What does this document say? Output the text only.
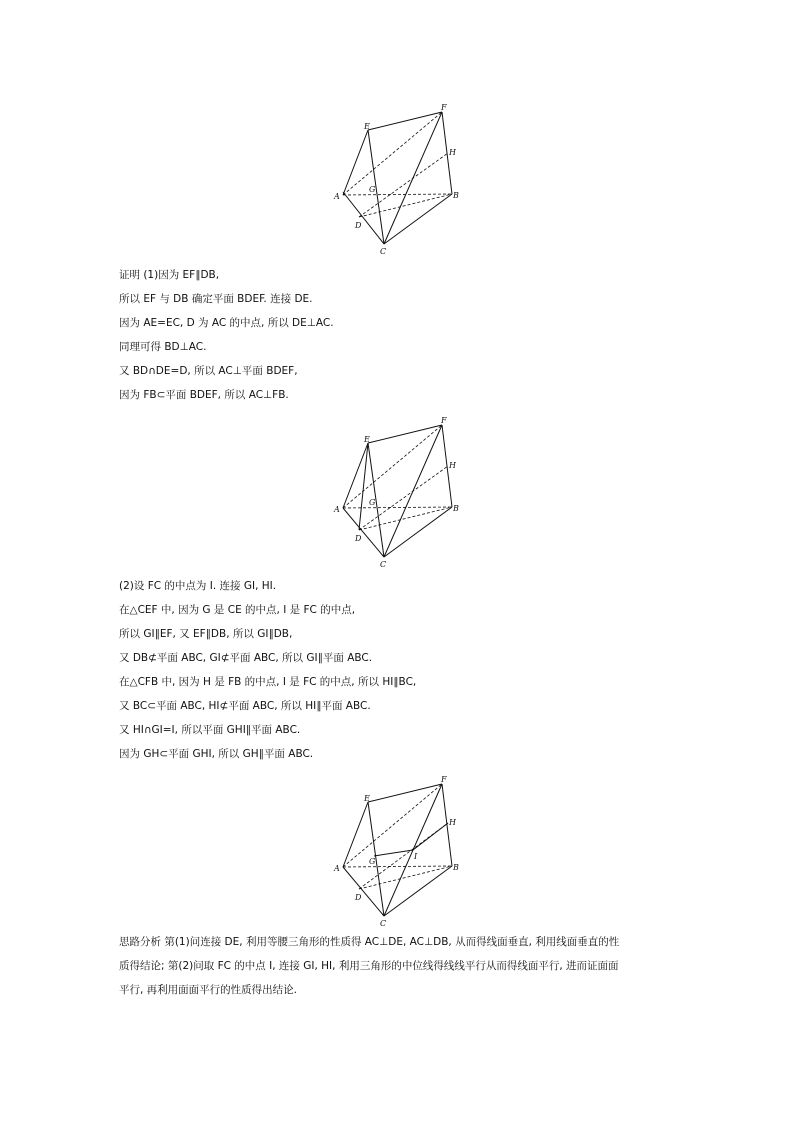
E
F
H
G
A	B
D
C
证明 (1)因为 EF∥DB,
所以 EF 与 DB 确定平面 BDEF. 连接 DE.
因为 AE=EC, D 为 AC 的中点, 所以 DE⊥AC.
同理可得 BD⊥AC.
又 BD∩DE=D, 所以 AC⊥平面 BDEF,
因为 FB⊂平面 BDEF, 所以 AC⊥FB.
E
F
H
G
A	B
D
C
(2)设 FC 的中点为 I. 连接 GI, HI.
在△CEF 中, 因为 G 是 CE 的中点, I 是 FC 的中点,
所以 GI∥EF, 又 EF∥DB, 所以 GI∥DB,
又 DB⊄平面 ABC, GI⊄平面 ABC, 所以 GI∥平面 ABC.
在△CFB 中, 因为 H 是 FB 的中点, I 是 FC 的中点, 所以 HI∥BC,
又 BC⊂平面 ABC, HI⊄平面 ABC, 所以 HI∥平面 ABC.
又 HI∩GI=I, 所以平面 GHI∥平面 ABC.
因为 GH⊂平面 GHI, 所以 GH∥平面 ABC.
E
F
H
G
I
A	B
D
C
思路分析 第(1)问连接 DE, 利用等腰三角形的性质得 AC⊥DE, AC⊥DB, 从而得线面垂直, 利用线面垂直的性
质得结论; 第(2)问取 FC 的中点 I, 连接 GI, HI, 利用三角形的中位线得线线平行从而得线面平行, 进而证面面
平行, 再利用面面平行的性质得出结论.
